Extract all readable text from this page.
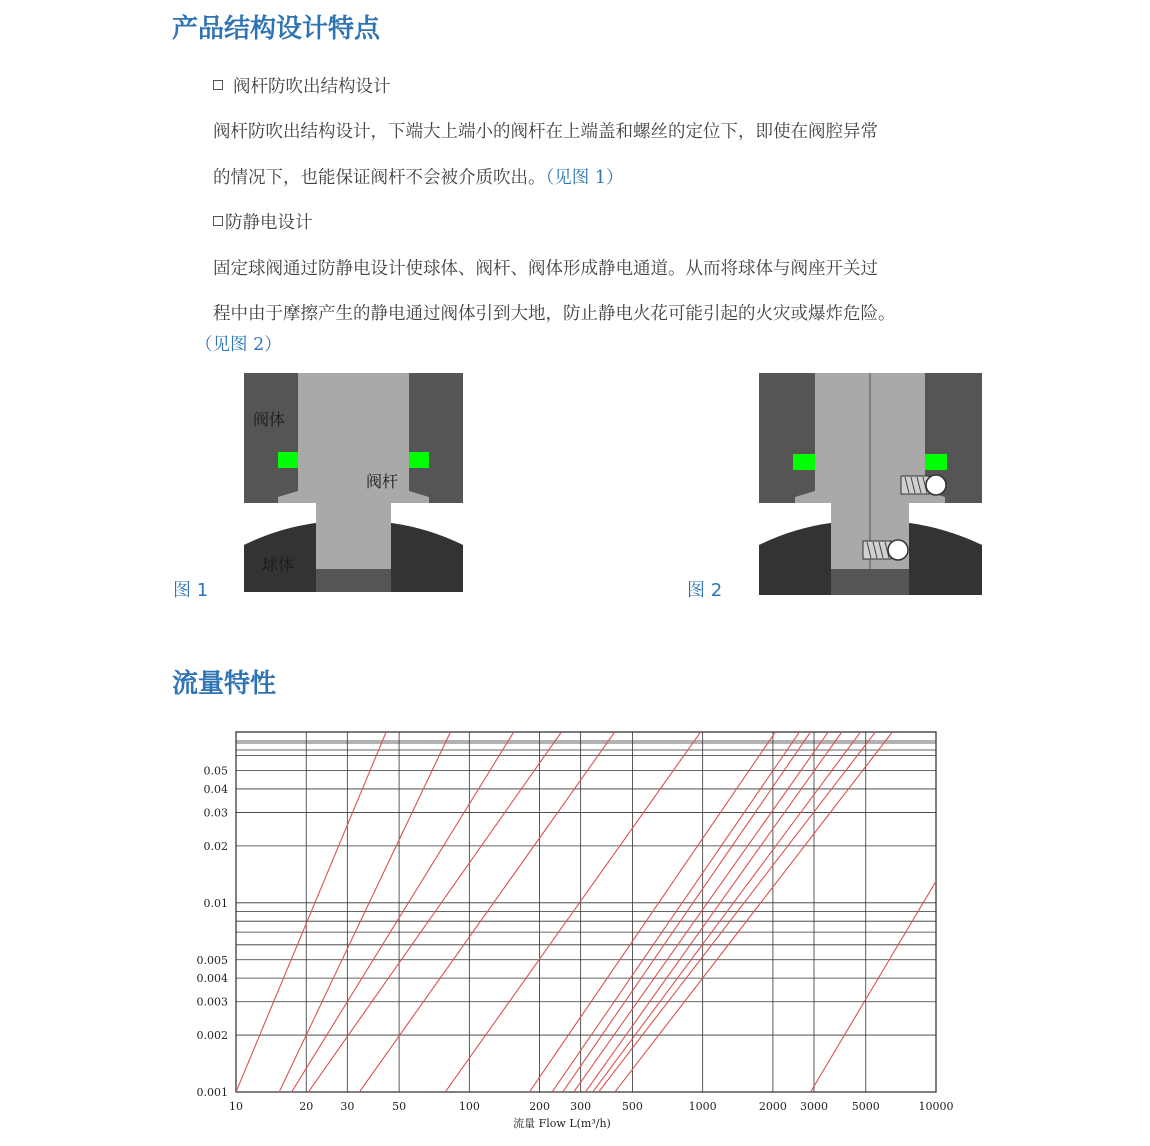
产品结构设计特点

阀杆防吹出结构设计

阀杆防吹出结构设计，下端大上端小的阀杆在上端盖和螺丝的定位下，即使在阀腔异常

的情况下，也能保证阀杆不会被介质吹出。（见图 1）

防静电设计

固定球阀通过防静电设计使球体、阀杆、阀体形成静电通道。从而将球体与阀座开关过

程中由于摩擦产生的静电通过阀体引到大地，防止静电火花可能引起的火灾或爆炸危险。

（见图 2）

阀体
阀杆
球体
图 1	图 2
流量特性
10	20 30	50	100	200 300	500	1000	2000 3000 5000	10000
0.001
0.002
0.003
0.004
0.005
0.01
0.02
0.03
0.04
0.05
流量 Flow L(m³/h)
